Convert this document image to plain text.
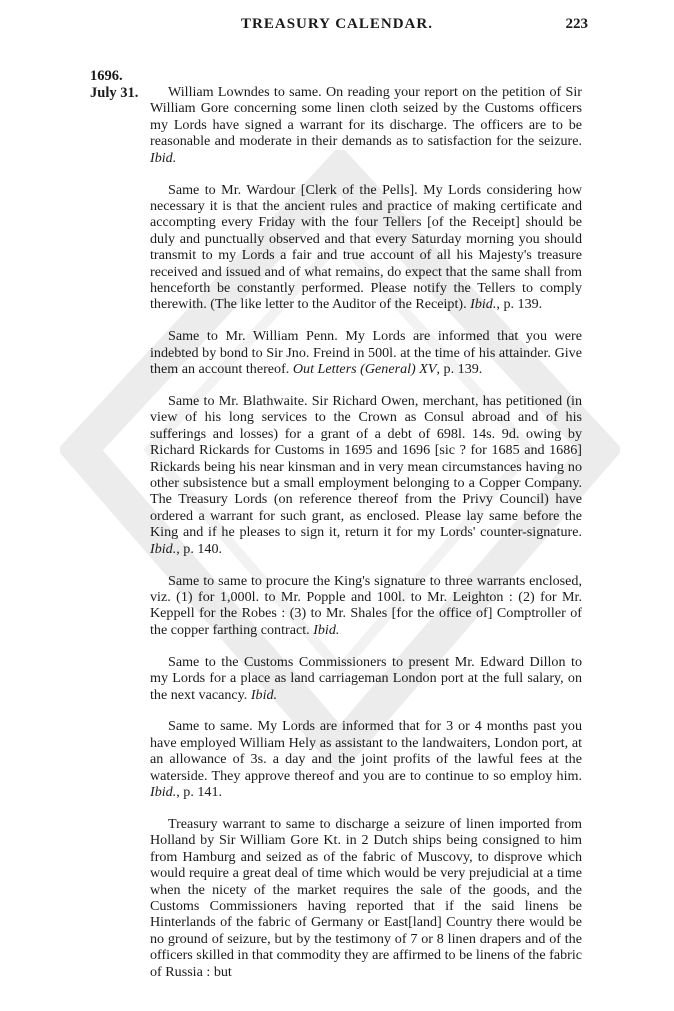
TREASURY CALENDAR.	223
1696.
July 31.	William Lowndes to same. On reading your report on the petition of Sir William Gore concerning some linen cloth seized by the Customs officers my Lords have signed a warrant for its discharge. The officers are to be reasonable and moderate in their demands as to satisfaction for the seizure. Ibid.

Same to Mr. Wardour [Clerk of the Pells]. My Lords considering how necessary it is that the ancient rules and practice of making certificate and accompting every Friday with the four Tellers [of the Receipt] should be duly and punctually observed and that every Saturday morning you should transmit to my Lords a fair and true account of all his Majesty's treasure received and issued and of what remains, do expect that the same shall from henceforth be constantly performed. Please notify the Tellers to comply therewith. (The like letter to the Auditor of the Receipt). Ibid., p. 139.

Same to Mr. William Penn. My Lords are informed that you were indebted by bond to Sir Jno. Freind in 500l. at the time of his attainder. Give them an account thereof. Out Letters (General) XV, p. 139.

Same to Mr. Blathwaite. Sir Richard Owen, merchant, has petitioned (in view of his long services to the Crown as Consul abroad and of his sufferings and losses) for a grant of a debt of 698l. 14s. 9d. owing by Richard Rickards for Customs in 1695 and 1696 [sic ? for 1685 and 1686] Rickards being his near kinsman and in very mean circumstances having no other subsistence but a small employment belonging to a Copper Company. The Treasury Lords (on reference thereof from the Privy Council) have ordered a warrant for such grant, as enclosed. Please lay same before the King and if he pleases to sign it, return it for my Lords' counter-signature. Ibid., p. 140.

Same to same to procure the King's signature to three warrants enclosed, viz. (1) for 1,000l. to Mr. Popple and 100l. to Mr. Leighton : (2) for Mr. Keppell for the Robes : (3) to Mr. Shales [for the office of] Comptroller of the copper farthing contract. Ibid.

Same to the Customs Commissioners to present Mr. Edward Dillon to my Lords for a place as land carriageman London port at the full salary, on the next vacancy. Ibid.

Same to same. My Lords are informed that for 3 or 4 months past you have employed William Hely as assistant to the landwaiters, London port, at an allowance of 3s. a day and the joint profits of the lawful fees at the waterside. They approve thereof and you are to continue to so employ him. Ibid., p. 141.

Treasury warrant to same to discharge a seizure of linen imported from Holland by Sir William Gore Kt. in 2 Dutch ships being consigned to him from Hamburg and seized as of the fabric of Muscovy, to disprove which would require a great deal of time which would be very prejudicial at a time when the nicety of the market requires the sale of the goods, and the Customs Commissioners having reported that if the said linens be Hinterlands of the fabric of Germany or East[land] Country there would be no ground of seizure, but by the testimony of 7 or 8 linen drapers and of the officers skilled in that commodity they are affirmed to be linens of the fabric of Russia : but
